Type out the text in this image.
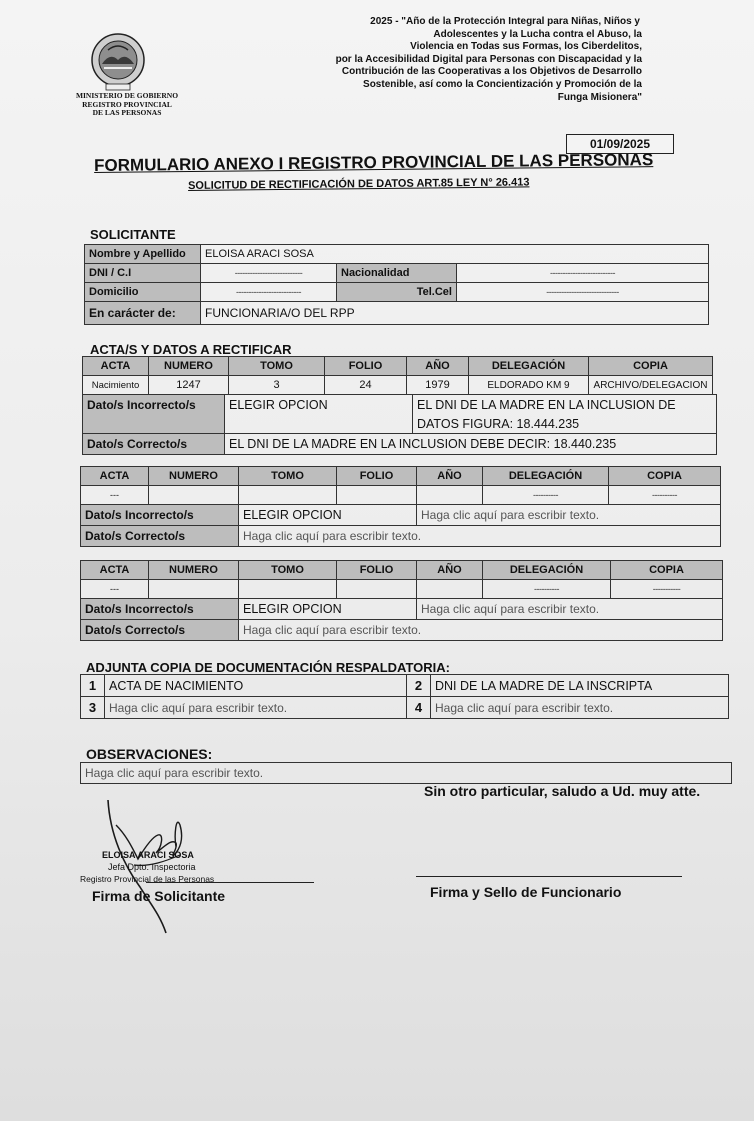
MINISTERIO DE GOBIERNO
REGISTRO PROVINCIAL
DE LAS PERSONAS
2025 - "Año de la Protección Integral para Niñas, Niños y
Adolescentes y la Lucha contra el Abuso, la
Violencia en Todas sus Formas, los Ciberdelitos,
por la Accesibilidad Digital para Personas con Discapacidad y la
Contribución de las Cooperativas a los Objetivos de Desarrollo
Sostenible, así como la Concientización y Promoción de la
Funga Misionera"
01/09/2025
FORMULARIO ANEXO I REGISTRO PROVINCIAL DE LAS PERSONAS
SOLICITUD DE RECTIFICACIÓN DE DATOS ART.85 LEY N° 26.413
SOLICITANTE
Nombre y Apellido	ELOISA ARACI SOSA		
DNI / C.I	---------------------------	Nacionalidad	--------------------------
Domicilio	--------------------------	Tel.Cel	-----------------------------
En carácter de:	FUNCIONARIA/O DEL RPP		
ACTA/S Y DATOS A RECTIFICAR
ACTA	NUMERO	TOMO	FOLIO	AÑO	DELEGACIÓN	COPIA
Nacimiento	1247	3	24	1979	ELDORADO KM 9	ARCHIVO/DELEGACION
Dato/s Incorrecto/s	ELEGIR OPCION	EL DNI DE LA MADRE EN LA INCLUSION DE
		DATOS FIGURA: 18.444.235
Dato/s Correcto/s	EL DNI DE LA MADRE EN LA INCLUSION DEBE DECIR: 18.440.235	
ACTA	NUMERO	TOMO	FOLIO	AÑO	DELEGACIÓN	COPIA
---					----------	----------
Dato/s Incorrecto/s		ELEGIR OPCION		Haga clic aquí para escribir texto.		
Dato/s Correcto/s		Haga clic aquí para escribir texto.				
ACTA	NUMERO	TOMO	FOLIO	AÑO	DELEGACIÓN	COPIA
---					----------	-----------
Dato/s Incorrecto/s		ELEGIR OPCION		Haga clic aquí para escribir texto.		
Dato/s Correcto/s		Haga clic aquí para escribir texto.				
ADJUNTA COPIA DE DOCUMENTACIÓN RESPALDATORIA:
1	ACTA DE NACIMIENTO	2	DNI DE LA MADRE DE LA INSCRIPTA
3	Haga clic aquí para escribir texto.	4	Haga clic aquí para escribir texto.
OBSERVACIONES:
Haga clic aquí para escribir texto.
Sin otro particular, saludo a Ud. muy atte.
ELOISA ARACI SOSA
Jefa Dpto. Inspectoria
Registro Provincial de las Personas
Firma de Solicitante	Firma y Sello de Funcionario
